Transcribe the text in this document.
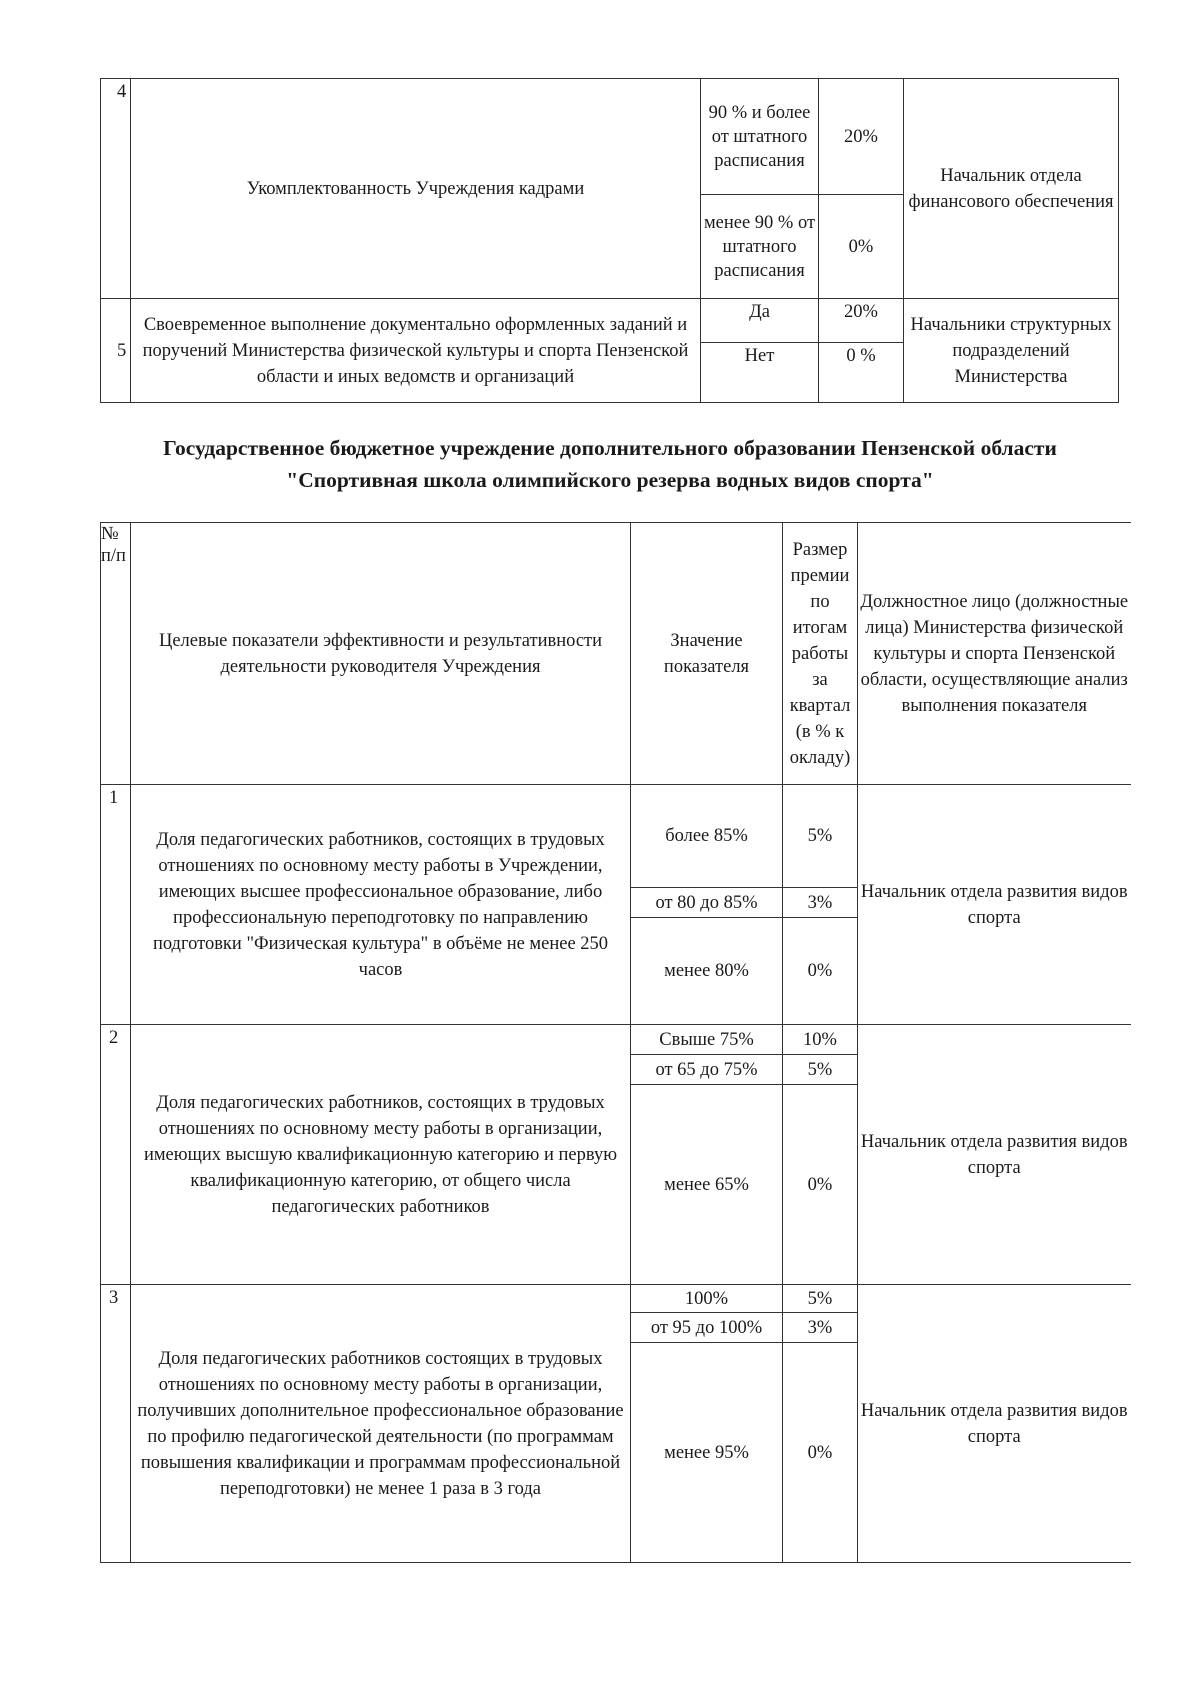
4	Укомплектованность Учреждения кадрами	90 % и более от штатного расписания	20%	Начальник отдела финансового обеспечения
		менее 90 % от штатного расписания	0%	
5	Своевременное выполнение документально оформленных заданий и поручений Министерства физической культуры и спорта Пензенской области и иных ведомств и организаций	Да	20%	Начальники структурных подразделений Министерства
		Нет	0 %	
Государственное бюджетное учреждение дополнительного образовании Пензенской области "Спортивная школа олимпийского резерва водных видов спорта"
№ п/п	Целевые показатели эффективности и результативности деятельности руководителя Учреждения	Значение показателя	Размер премии по итогам работы за квартал (в % к окладу)	Должностное лицо (должностные лица) Министерства физической культуры и спорта Пензенской области, осуществляющие анализ выполнения показателя
1	Доля педагогических работников, состоящих в трудовых отношениях по основному месту работы в Учреждении, имеющих высшее профессиональное образование, либо профессиональную переподготовку по направлению подготовки "Физическая культура" в объёме не менее 250 часов	более 85%	5%	Начальник отдела развития видов спорта
		от 80 до 85%	3%	
		менее 80%	0%	
2	Доля педагогических работников, состоящих в трудовых отношениях по основному месту работы в организации, имеющих высшую квалификационную категорию и первую квалификационную категорию, от общего числа педагогических работников	Свыше 75%	10%	Начальник отдела развития видов спорта
		от 65 до 75%	5%	
		менее 65%	0%	
3	Доля педагогических работников состоящих в трудовых отношениях по основному месту работы в организации, получивших дополнительное профессиональное образование по профилю педагогической деятельности (по программам повышения квалификации и программам профессиональной переподготовки) не менее 1 раза в 3 года	100%	5%	Начальник отдела развития видов спорта
		от 95 до 100%	3%	
		менее 95%	0%	
